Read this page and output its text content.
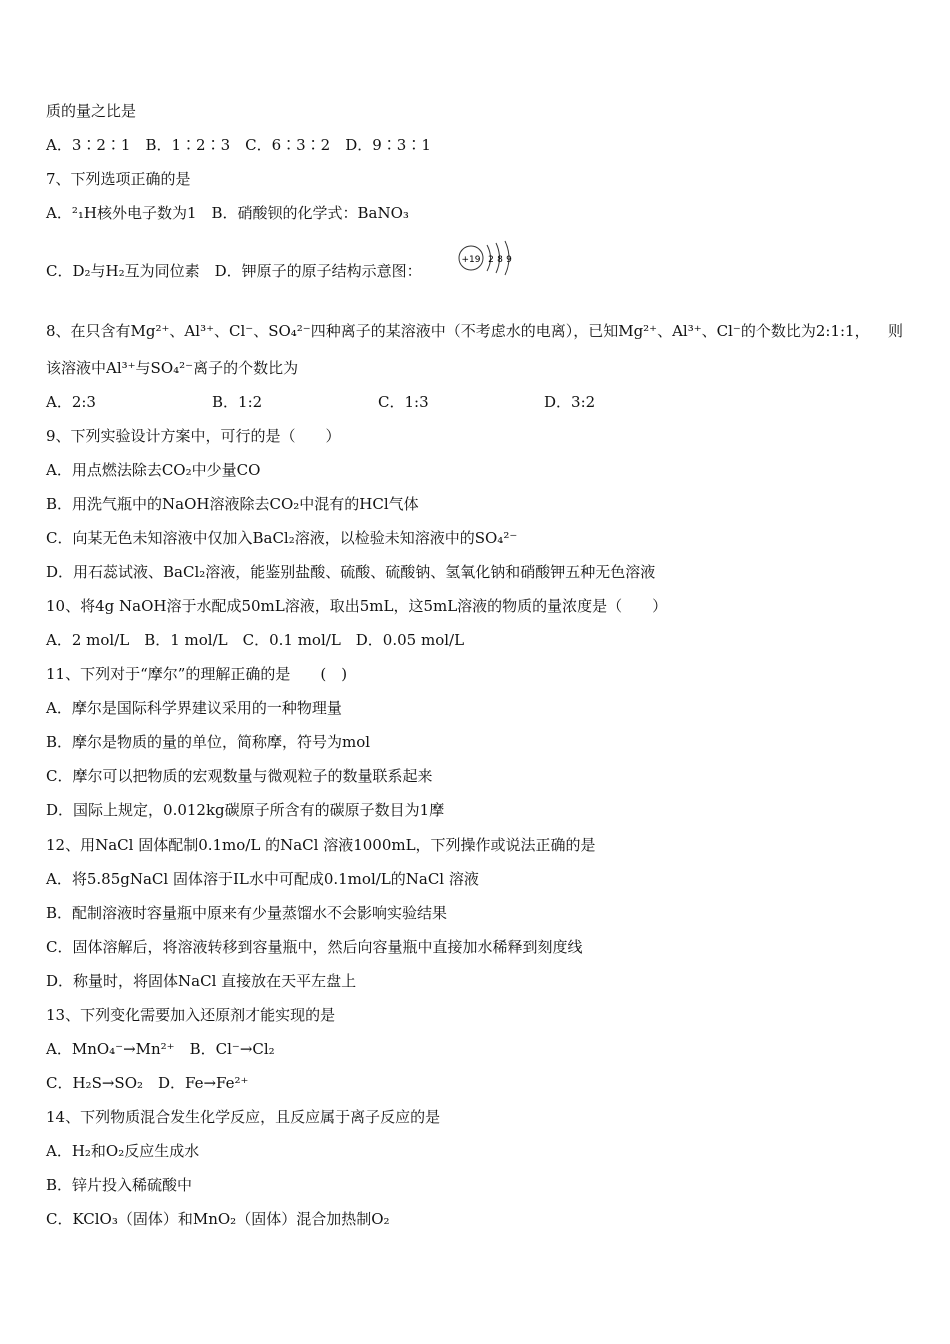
质的量之比是
A．3∶2∶1　B．1∶2∶3　C．6∶3∶2　D．9∶3∶1
7、下列选项正确的是
A．²₁H核外电子数为1　B．硝酸钡的化学式：BaNO₃
C．D₂与H₂互为同位素　D．钾原子的原子结构示意图：
+19 2 8 9
8、在只含有Mg²⁺、Al³⁺、Cl⁻、SO₄²⁻四种离子的某溶液中（不考虑水的电离），已知Mg²⁺、Al³⁺、Cl⁻的个数比为2:1:1， 则
该溶液中Al³⁺与SO₄²⁻离子的个数比为
A．2:3	B．1:2	C．1:3	D．3:2
9、下列实验设计方案中，可行的是（　　）
A．用点燃法除去CO₂中少量CO
B．用洗气瓶中的NaOH溶液除去CO₂中混有的HCl气体
C．向某无色未知溶液中仅加入BaCl₂溶液，以检验未知溶液中的SO₄²⁻
D．用石蕊试液、BaCl₂溶液，能鉴别盐酸、硫酸、硫酸钠、氢氧化钠和硝酸钾五种无色溶液
10、将4g NaOH溶于水配成50mL溶液，取出5mL，这5mL溶液的物质的量浓度是（　　）
A．2 mol/L　B．1 mol/L　C．0.1 mol/L　D．0.05 mol/L
11、下列对于“摩尔”的理解正确的是　　(　)
A．摩尔是国际科学界建议采用的一种物理量
B．摩尔是物质的量的单位，简称摩，符号为mol
C．摩尔可以把物质的宏观数量与微观粒子的数量联系起来
D．国际上规定，0.012kg碳原子所含有的碳原子数目为1摩
12、用NaCl 固体配制0.1mo/L 的NaCl 溶液1000mL，下列操作或说法正确的是
A．将5.85gNaCl 固体溶于IL水中可配成0.1mol/L的NaCl 溶液
B．配制溶液时容量瓶中原来有少量蒸馏水不会影响实验结果
C．固体溶解后，将溶液转移到容量瓶中，然后向容量瓶中直接加水稀释到刻度线
D．称量时，将固体NaCl 直接放在天平左盘上
13、下列变化需要加入还原剂才能实现的是
A．MnO₄⁻→Mn²⁺　B．Cl⁻→Cl₂
C．H₂S→SO₂　D．Fe→Fe²⁺
14、下列物质混合发生化学反应，且反应属于离子反应的是
A．H₂和O₂反应生成水
B．锌片投入稀硫酸中
C．KClO₃（固体）和MnO₂（固体）混合加热制O₂
